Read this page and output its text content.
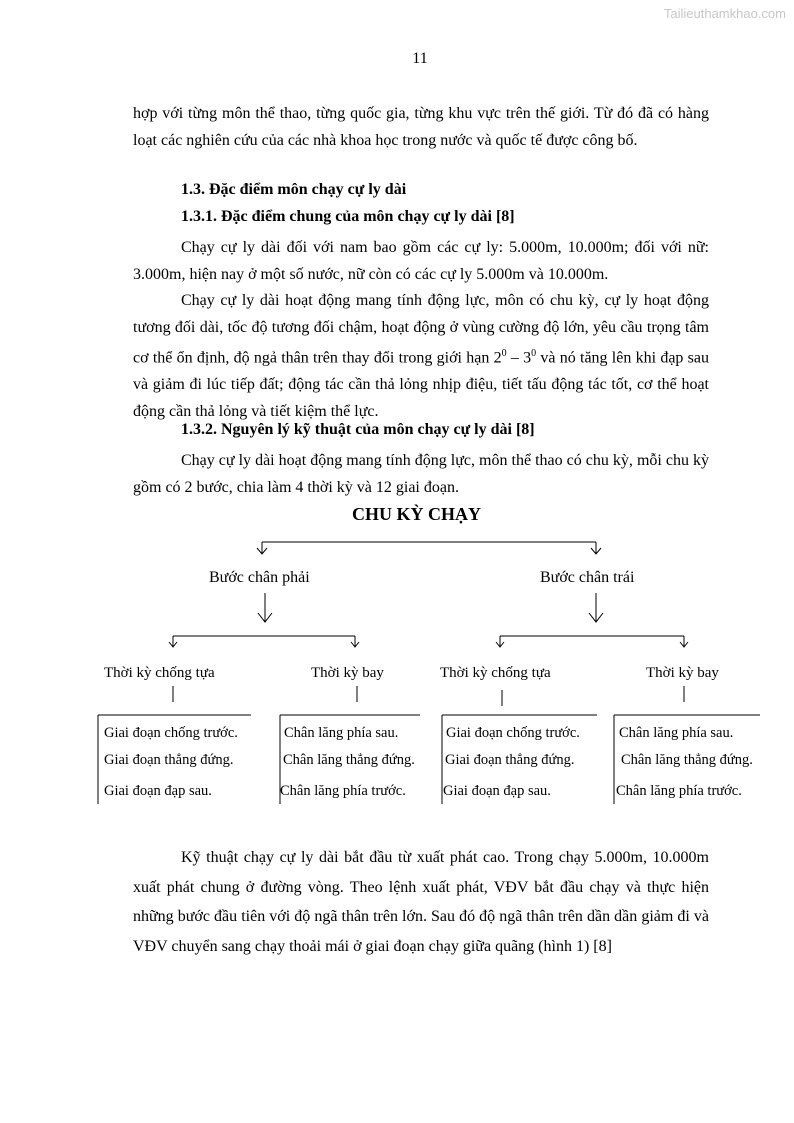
Tailieuthamkhao.com
11
hợp với từng môn thể thao, từng quốc gia, từng khu vực trên thế giới. Từ đó đã có hàng loạt các nghiên cứu của các nhà khoa học trong nước và quốc tế được công bố.
1.3. Đặc điểm môn chạy cự ly dài
1.3.1. Đặc điểm chung của môn chạy cự ly dài [8]
Chạy cự ly dài đối với nam bao gồm các cự ly: 5.000m, 10.000m; đối với nữ: 3.000m, hiện nay ở một số nước, nữ còn có các cự ly 5.000m và 10.000m.
Chạy cự ly dài hoạt động mang tính động lực, môn có chu kỳ, cự ly hoạt động tương đối dài, tốc độ tương đối chậm, hoạt động ở vùng cường độ lớn, yêu cầu trọng tâm cơ thể ổn định, độ ngả thân trên thay đổi trong giới hạn $2^0 - 3^0$ và nó tăng lên khi đạp sau và giảm đi lúc tiếp đất; động tác cần thả lỏng nhịp điệu, tiết tấu động tác tốt, cơ thể hoạt động cần thả lỏng và tiết kiệm thể lực.
1.3.2. Nguyên lý kỹ thuật của môn chạy cự ly dài [8]
Chạy cự ly dài hoạt động mang tính động lực, môn thể thao có chu kỳ, mỗi chu kỳ gồm có 2 bước, chia làm 4 thời kỳ và 12 giai đoạn.
CHU KỲ CHẠY
Bước chân phải	Bước chân trái
Thời kỳ chống tựa	Thời kỳ bay	Thời kỳ chống tựa	Thời kỳ bay
Giai đoạn chống trước.
Giai đoạn thẳng đứng.
Giai đoạn đạp sau.
Chân lăng phía sau.
Chân lăng thẳng đứng.
Chân lăng phía trước.
Giai đoạn chống trước.
Giai đoạn thẳng đứng.
Giai đoạn đạp sau.
Chân lăng phía sau.
Chân lăng thẳng đứng.
Chân lăng phía trước.
Kỹ thuật chạy cự ly dài bắt đầu từ xuất phát cao. Trong chạy 5.000m, 10.000m xuất phát chung ở đường vòng. Theo lệnh xuất phát, VĐV bắt đầu chạy và thực hiện những bước đầu tiên với độ ngã thân trên lớn. Sau đó độ ngã thân trên dần dần giảm đi và VĐV chuyển sang chạy thoải mái ở giai đoạn chạy giữa quãng (hình 1) [8]
